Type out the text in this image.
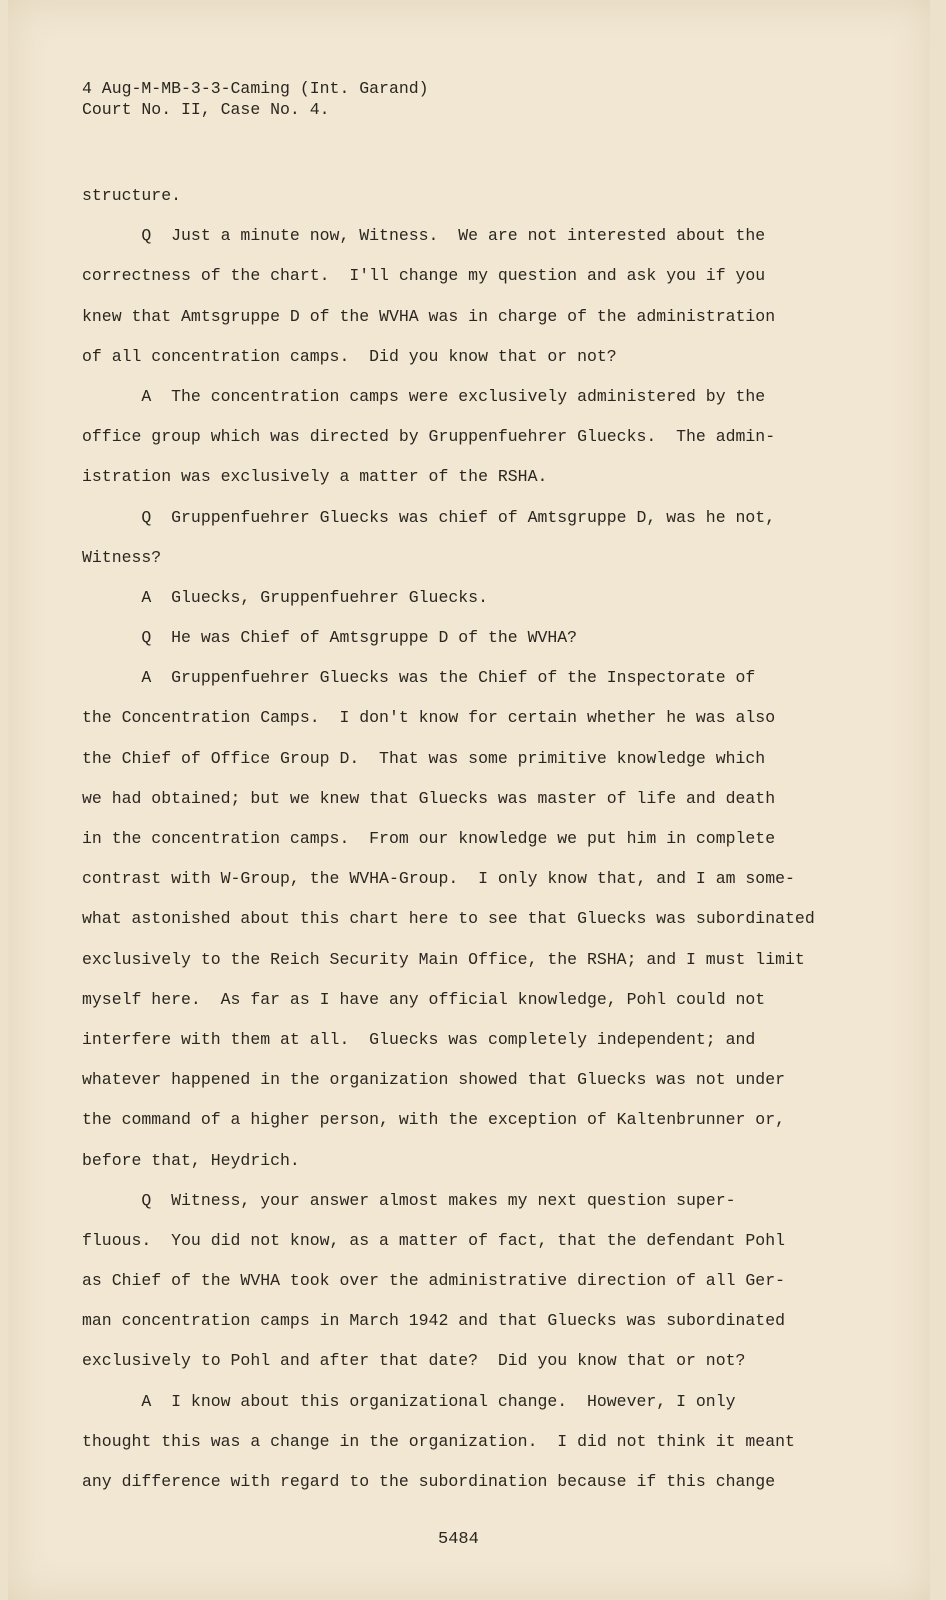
4 Aug-M-MB-3-3-Caming (Int. Garand)
Court No. II, Case No. 4.
structure.
Q  Just a minute now, Witness.  We are not interested about the
correctness of the chart.  I'll change my question and ask you if you
knew that Amtsgruppe D of the WVHA was in charge of the administration
of all concentration camps.  Did you know that or not?
A  The concentration camps were exclusively administered by the
office group which was directed by Gruppenfuehrer Gluecks.  The admin-
istration was exclusively a matter of the RSHA.
Q  Gruppenfuehrer Gluecks was chief of Amtsgruppe D, was he not,
Witness?
A  Gluecks, Gruppenfuehrer Gluecks.
Q  He was Chief of Amtsgruppe D of the WVHA?
A  Gruppenfuehrer Gluecks was the Chief of the Inspectorate of
the Concentration Camps.  I don't know for certain whether he was also
the Chief of Office Group D.  That was some primitive knowledge which
we had obtained; but we knew that Gluecks was master of life and death
in the concentration camps.  From our knowledge we put him in complete
contrast with W-Group, the WVHA-Group.  I only know that, and I am some-
what astonished about this chart here to see that Gluecks was subordinated
exclusively to the Reich Security Main Office, the RSHA; and I must limit
myself here.  As far as I have any official knowledge, Pohl could not
interfere with them at all.  Gluecks was completely independent; and
whatever happened in the organization showed that Gluecks was not under
the command of a higher person, with the exception of Kaltenbrunner or,
before that, Heydrich.
Q  Witness, your answer almost makes my next question super-
fluous.  You did not know, as a matter of fact, that the defendant Pohl
as Chief of the WVHA took over the administrative direction of all Ger-
man concentration camps in March 1942 and that Gluecks was subordinated
exclusively to Pohl and after that date?  Did you know that or not?
A  I know about this organizational change.  However, I only
thought this was a change in the organization.  I did not think it meant
any difference with regard to the subordination because if this change
5484
